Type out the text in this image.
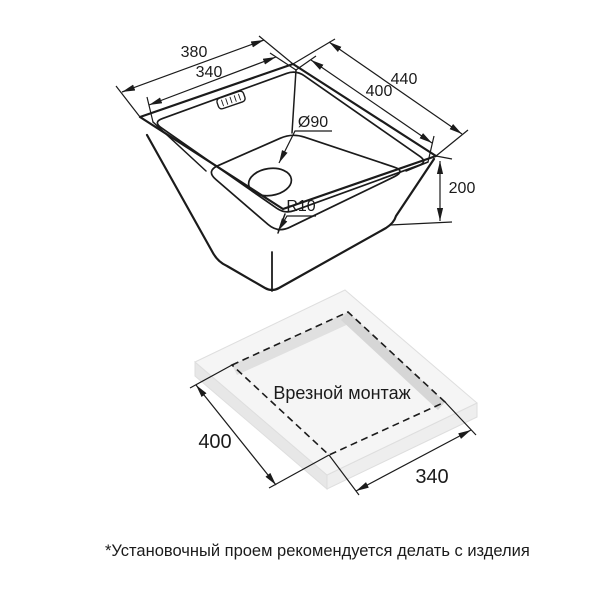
380
340	440
400
200
Ø90
R10
Врезной монтаж
400
340
*Установочный проем рекомендуется делать с изделия
